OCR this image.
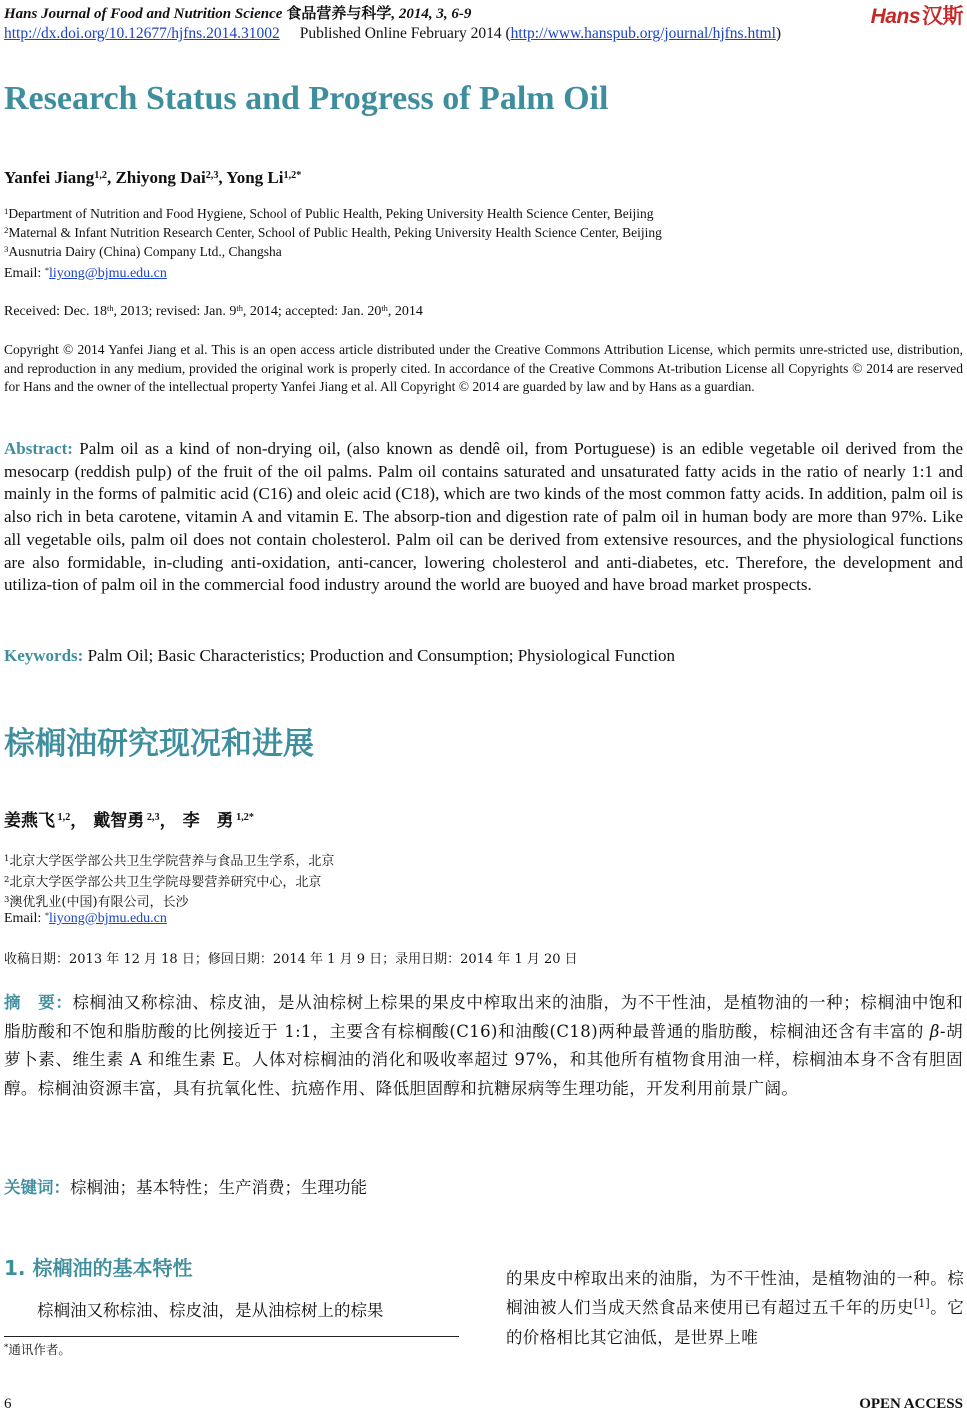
Hans Journal of Food and Nutrition Science 食品营养与科学, 2014, 3, 6-9	Hans汉斯
http://dx.doi.org/10.12677/hjfns.2014.31002 Published Online February 2014 (http://www.hanspub.org/journal/hjfns.html)
Research Status and Progress of Palm Oil
Yanfei Jiang$^{1,2}$, Zhiyong Dai$^{2,3}$, Yong $Li^{1,2*}$
$^1$Department of Nutrition and Food Hygiene, School of Public Health, Peking University Health Science Center, Beijing
$^2$Maternal & Infant Nutrition Research Center, School of Public Health, Peking University Health Science Center, Beijing
$^3$Ausnutria Dairy (China) Company Ltd., Changsha
Email: *liyong@bjmu.edu.cn
Received: Dec. 18th, 2013; revised: Jan. 9th, 2014; accepted: Jan. 20th, 2014
Copyright © 2014 Yanfei Jiang et al. This is an open access article distributed under the Creative Commons Attribution License, which permits unre-stricted use, distribution, and reproduction in any medium, provided the original work is properly cited. In accordance of the Creative Commons At-tribution License all Copyrights © 2014 are reserved for Hans and the owner of the intellectual property Yanfei Jiang et al. All Copyright © 2014 are guarded by law and by Hans as a guardian.
Abstract: Palm oil as a kind of non-drying oil, (also known as dendê oil, from Portuguese) is an edible vegetable oil derived from the mesocarp (reddish pulp) of the fruit of the oil palms. Palm oil contains saturated and unsaturated fatty acids in the ratio of nearly 1:1 and mainly in the forms of palmitic acid (C16) and oleic acid (C18), which are two kinds of the most common fatty acids. In addition, palm oil is also rich in beta carotene, vitamin A and vitamin E. The absorp-tion and digestion rate of palm oil in human body are more than 97%. Like all vegetable oils, palm oil does not contain cholesterol. Palm oil can be derived from extensive resources, and the physiological functions are also formidable, in-cluding anti-oxidation, anti-cancer, lowering cholesterol and anti-diabetes, etc. Therefore, the development and utiliza-tion of palm oil in the commercial food industry around the world are buoyed and have broad market prospects.
Keywords: Palm Oil; Basic Characteristics; Production and Consumption; Physiological Function
棕榈油研究现况和进展
姜燕飞 $^{1,2}$， 戴智勇 $^{2,3}$， 李　勇 $^{1,2*}$
$^1$北京大学医学部公共卫生学院营养与食品卫生学系，北京
$^2$北京大学医学部公共卫生学院母婴营养研究中心，北京
$^3$澳优乳业(中国)有限公司，长沙
Email: *liyong@bjmu.edu.cn
收稿日期：2013 年 12 月 18 日；修回日期：2014 年 1 月 9 日；录用日期：2014 年 1 月 20 日
摘　要：棕榈油又称棕油、棕皮油，是从油棕树上棕果的果皮中榨取出来的油脂，为不干性油，是植物油的一种；棕榈油中饱和脂肪酸和不饱和脂肪酸的比例接近于 1:1，主要含有棕榈酸(C16)和油酸(C18)两种最普通的脂肪酸，棕榈油还含有丰富的 β-胡萝卜素、维生素 A 和维生素 E。人体对棕榈油的消化和吸收率超过 97%，和其他所有植物食用油一样，棕榈油本身不含有胆固醇。棕榈油资源丰富，具有抗氧化性、抗癌作用、降低胆固醇和抗糖尿病等生理功能，开发利用前景广阔。
关键词：棕榈油；基本特性；生产消费；生理功能
1. 棕榈油的基本特性
棕榈油又称棕油、棕皮油，是从油棕树上的棕果
*通讯作者。
的果皮中榨取出来的油脂，为不干性油，是植物油的一种。棕榈油被人们当成天然食品来使用已有超过五千年的历史[1]。它的价格相比其它油低，是世界上唯
6	OPEN ACCESS
